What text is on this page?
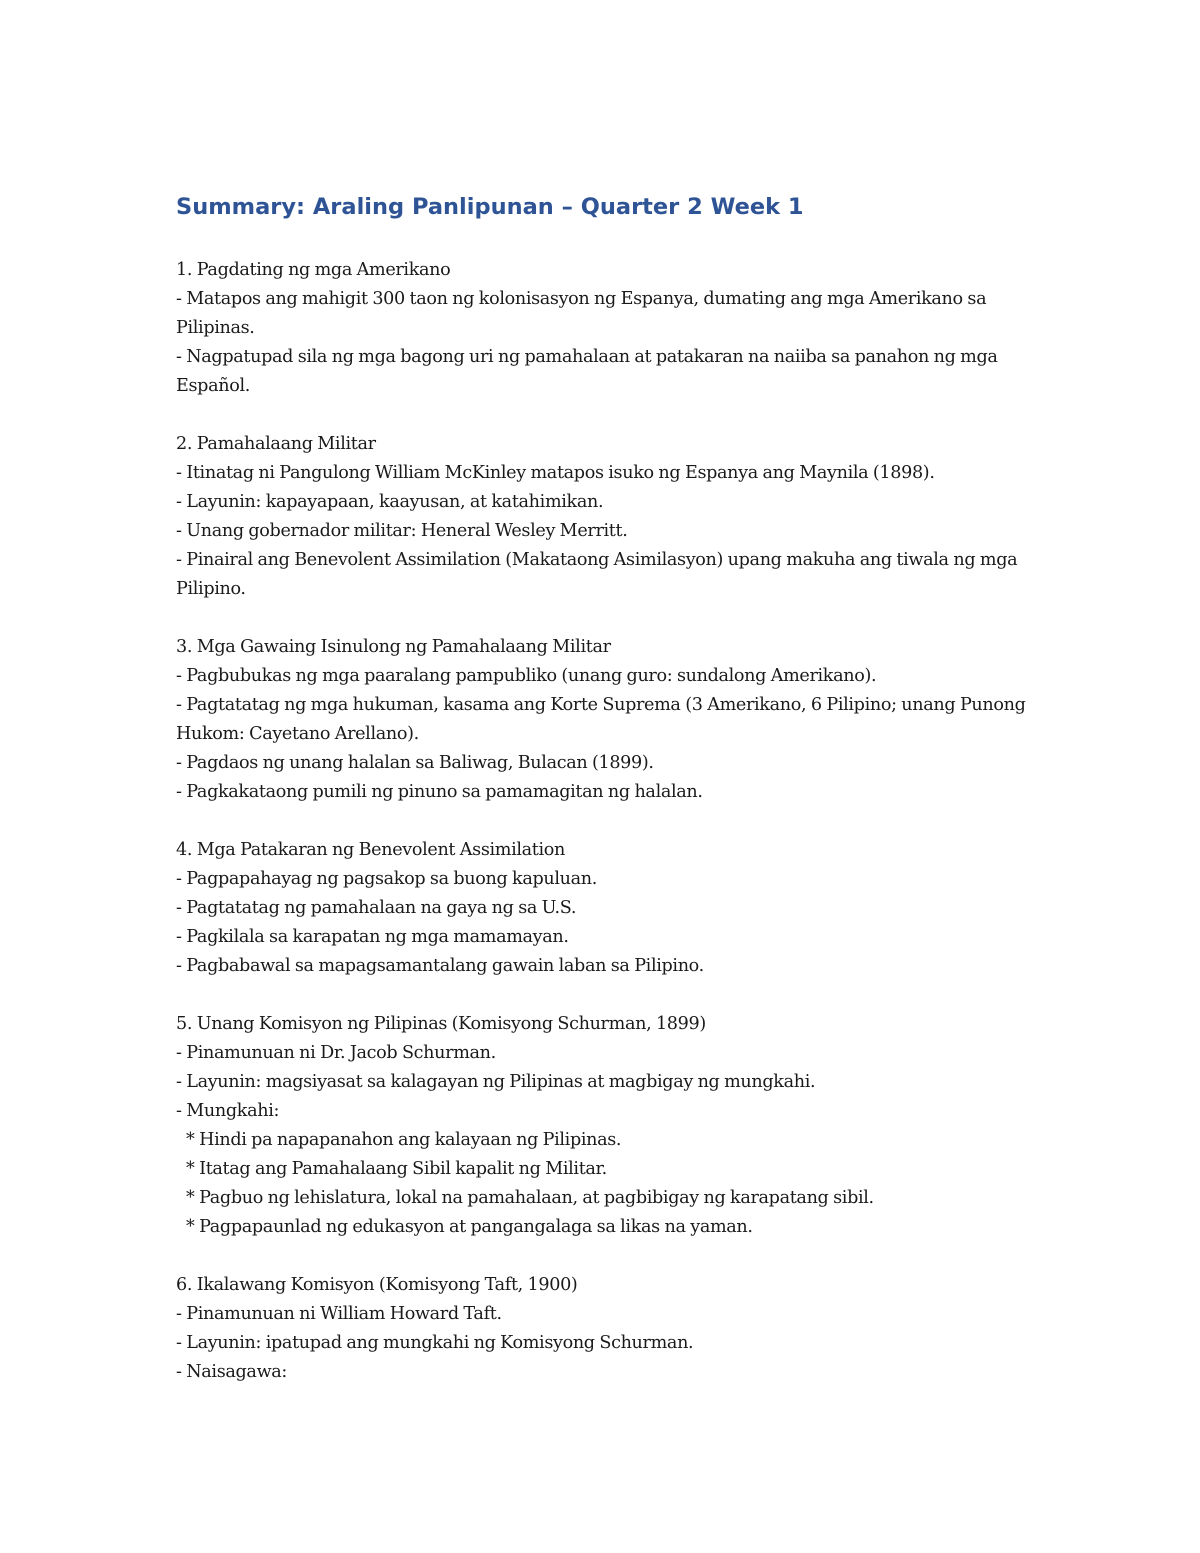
Summary: Araling Panlipunan – Quarter 2 Week 1
1. Pagdating ng mga Amerikano
- Matapos ang mahigit 300 taon ng kolonisasyon ng Espanya, dumating ang mga Amerikano sa Pilipinas.
- Nagpatupad sila ng mga bagong uri ng pamahalaan at patakaran na naiiba sa panahon ng mga Español.
2. Pamahalaang Militar
- Itinatag ni Pangulong William McKinley matapos isuko ng Espanya ang Maynila (1898).
- Layunin: kapayapaan, kaayusan, at katahimikan.
- Unang gobernador militar: Heneral Wesley Merritt.
- Pinairal ang Benevolent Assimilation (Makataong Asimilasyon) upang makuha ang tiwala ng mga Pilipino.
3. Mga Gawaing Isinulong ng Pamahalaang Militar
- Pagbubukas ng mga paaralang pampubliko (unang guro: sundalong Amerikano).
- Pagtatatag ng mga hukuman, kasama ang Korte Suprema (3 Amerikano, 6 Pilipino; unang Punong Hukom: Cayetano Arellano).
- Pagdaos ng unang halalan sa Baliwag, Bulacan (1899).
- Pagkakataong pumili ng pinuno sa pamamagitan ng halalan.
4. Mga Patakaran ng Benevolent Assimilation
- Pagpapahayag ng pagsakop sa buong kapuluan.
- Pagtatatag ng pamahalaan na gaya ng sa U.S.
- Pagkilala sa karapatan ng mga mamamayan.
- Pagbabawal sa mapagsamantalang gawain laban sa Pilipino.
5. Unang Komisyon ng Pilipinas (Komisyong Schurman, 1899)
- Pinamunuan ni Dr. Jacob Schurman.
- Layunin: magsiyasat sa kalagayan ng Pilipinas at magbigay ng mungkahi.
- Mungkahi:
* Hindi pa napapanahon ang kalayaan ng Pilipinas.
* Itatag ang Pamahalaang Sibil kapalit ng Militar.
* Pagbuo ng lehislatura, lokal na pamahalaan, at pagbibigay ng karapatang sibil.
* Pagpapaunlad ng edukasyon at pangangalaga sa likas na yaman.
6. Ikalawang Komisyon (Komisyong Taft, 1900)
- Pinamunuan ni William Howard Taft.
- Layunin: ipatupad ang mungkahi ng Komisyong Schurman.
- Naisagawa:
